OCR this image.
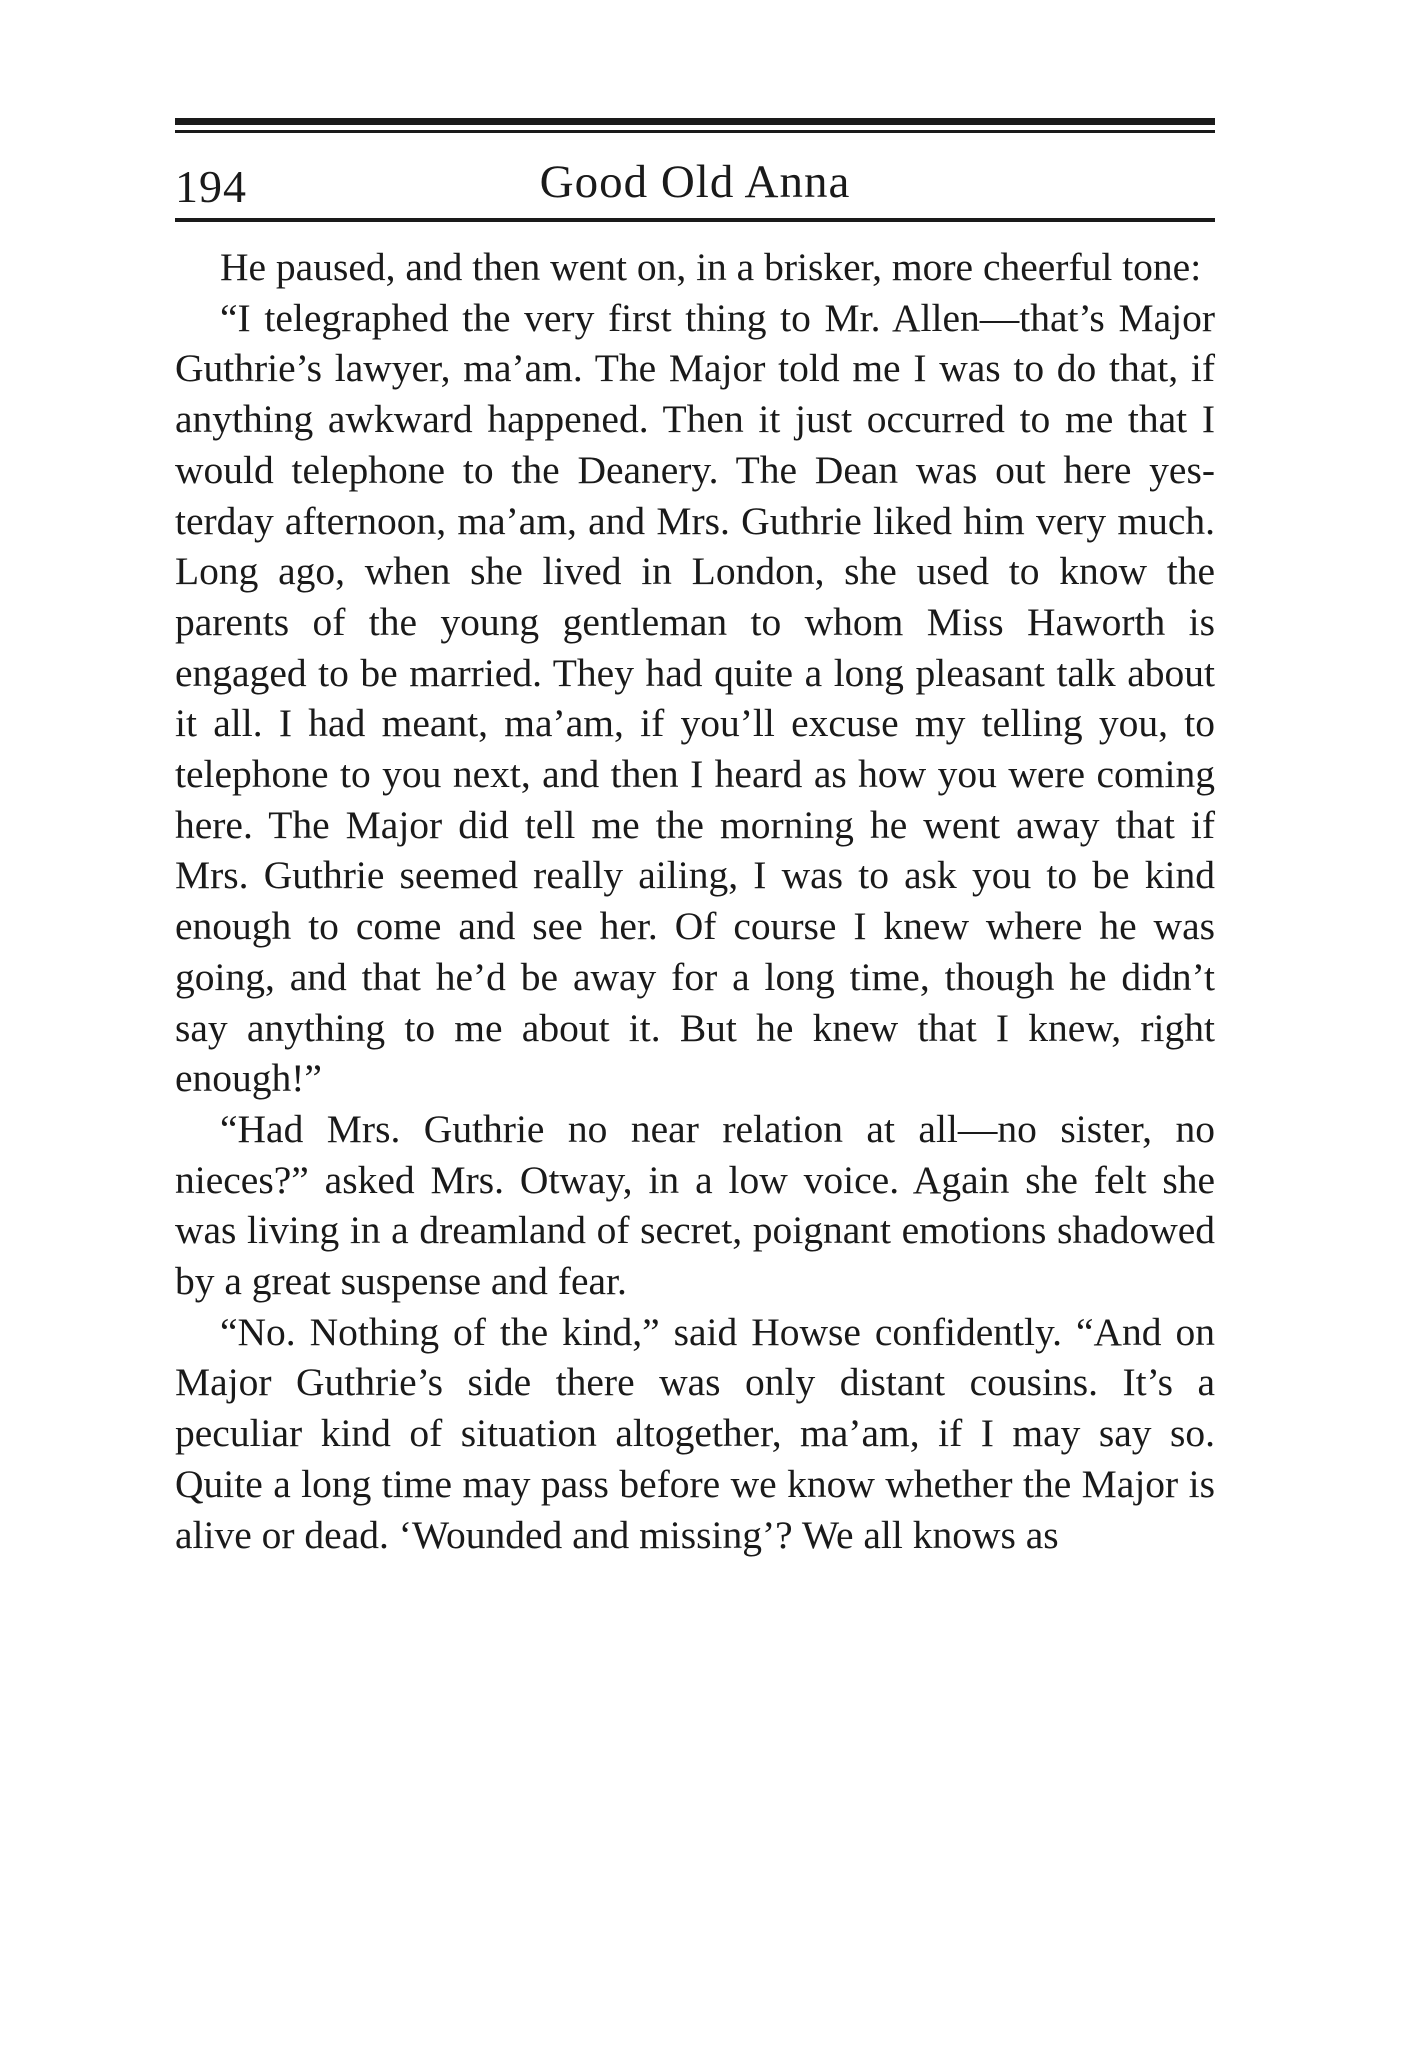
194	Good Old Anna

He paused, and then went on, in a brisker, more cheerful tone:

“I telegraphed the very first thing to Mr. Allen—that’s Major Guthrie’s lawyer, ma’am. The Major told me I was to do that, if anything awkward happened. Then it just occurred to me that I would telephone to the Deanery. The Dean was out here yesterday afternoon, ma’am, and Mrs. Guthrie liked him very much. Long ago, when she lived in London, she used to know the parents of the young gentleman to whom Miss Haworth is engaged to be married. They had quite a long pleasant talk about it all. I had meant, ma’am, if you’ll excuse my telling you, to telephone to you next, and then I heard as how you were coming here. The Major did tell me the morning he went away that if Mrs. Guthrie seemed really ailing, I was to ask you to be kind enough to come and see her. Of course I knew where he was going, and that he’d be away for a long time, though he didn’t say anything to me about it. But he knew that I knew, right enough!”

“Had Mrs. Guthrie no near relation at all—no sister, no nieces?” asked Mrs. Otway, in a low voice. Again she felt she was living in a dreamland of secret, poignant emotions shadowed by a great suspense and fear.

“No. Nothing of the kind,” said Howse confidently. “And on Major Guthrie’s side there was only distant cousins. It’s a peculiar kind of situation altogether, ma’am, if I may say so. Quite a long time may pass before we know whether the Major is alive or dead. ‘Wounded and missing’? We all knows as
